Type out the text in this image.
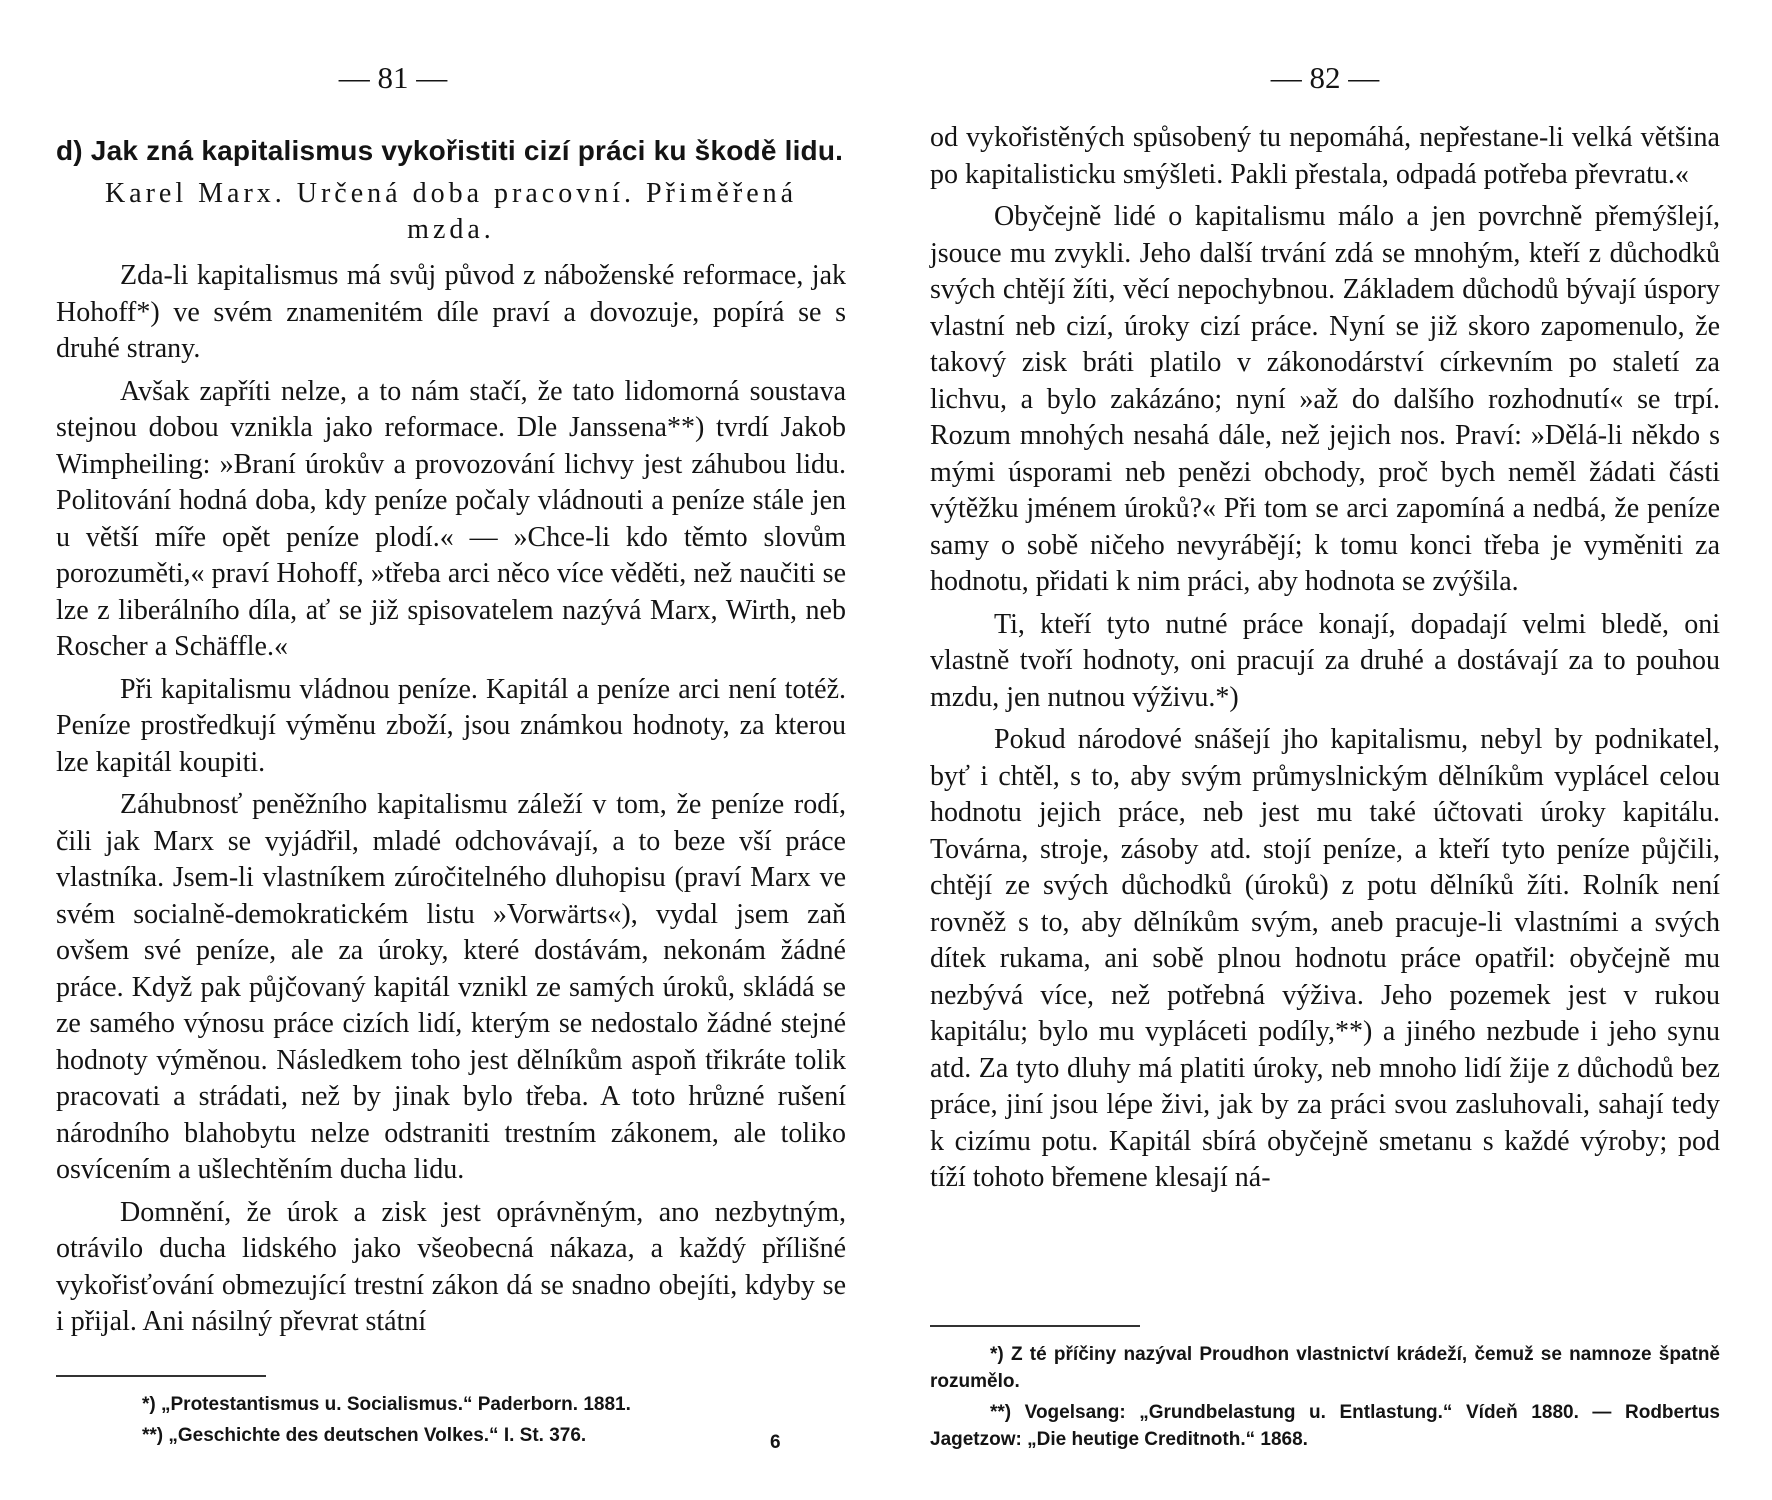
— 81 —
d) Jak zná kapitalismus vykořistiti cizí práci ku škodě lidu.
Karel Marx. Určená doba pracovní. Přiměřená mzda.

Zda-li kapitalismus má svůj původ z náboženské reformace, jak Hohoff*) ve svém znamenitém díle praví a dovozuje, popírá se s druhé strany.

Avšak zapříti nelze, a to nám stačí, že tato lidomorná soustava stejnou dobou vznikla jako reformace. Dle Janssena**) tvrdí Jakob Wimpheiling: »Braní úrokův a provozování lichvy jest záhubou lidu. Politování hodná doba, kdy peníze počaly vládnouti a peníze stále jen u větší míře opět peníze plodí.« — »Chce-li kdo těmto slovům porozuměti,« praví Hohoff, »třeba arci něco více věděti, než naučiti se lze z liberálního díla, ať se již spisovatelem nazývá Marx, Wirth, neb Roscher a Schäffle.«

Při kapitalismu vládnou peníze. Kapitál a peníze arci není totéž. Peníze prostředkují výměnu zboží, jsou známkou hodnoty, za kterou lze kapitál koupiti.

Záhubnosť peněžního kapitalismu záleží v tom, že peníze rodí, čili jak Marx se vyjádřil, mladé odchovávají, a to beze vší práce vlastníka. Jsem-li vlastníkem zúročitelného dluhopisu (praví Marx ve svém socialně-demokratickém listu »Vorwärts«), vydal jsem zaň ovšem své peníze, ale za úroky, které dostávám, nekonám žádné práce. Když pak půjčovaný kapitál vznikl ze samých úroků, skládá se ze samého výnosu práce cizích lidí, kterým se nedostalo žádné stejné hodnoty výměnou. Následkem toho jest dělníkům aspoň třikráte tolik pracovati a strádati, než by jinak bylo třeba. A toto hrůzné rušení národního blahobytu nelze odstraniti trestním zákonem, ale toliko osvícením a ušlechtěním ducha lidu.

Domnění, že úrok a zisk jest oprávněným, ano nezbytným, otrávilo ducha lidského jako všeobecná nákaza, a každý přílišné vykořisťování obmezující trestní zákon dá se snadno obejíti, kdyby se i přijal. Ani násilný převrat státní

*) „Protestantismus u. Socialismus.“ Paderborn. 1881.
**) „Geschichte des deutschen Volkes.“ I. St. 376.	6
— 82 —

od vykořistěných spůsobený tu nepomáhá, nepřestane-li velká většina po kapitalisticku smýšleti. Pakli přestala, odpadá potřeba převratu.«

Obyčejně lidé o kapitalismu málo a jen povrchně přemýšlejí, jsouce mu zvykli. Jeho další trvání zdá se mnohým, kteří z důchodků svých chtějí žíti, věcí nepochybnou. Základem důchodů bývají úspory vlastní neb cizí, úroky cizí práce. Nyní se již skoro zapomenulo, že takový zisk bráti platilo v zákonodárství církevním po staletí za lichvu, a bylo zakázáno; nyní »až do dalšího rozhodnutí« se trpí. Rozum mnohých nesahá dále, než jejich nos. Praví: »Dělá-li někdo s mými úsporami neb penězi obchody, proč bych neměl žádati části výtěžku jménem úroků?« Při tom se arci zapomíná a nedbá, že peníze samy o sobě ničeho nevyrábějí; k tomu konci třeba je vyměniti za hodnotu, přidati k nim práci, aby hodnota se zvýšila.

Ti, kteří tyto nutné práce konají, dopadají velmi bledě, oni vlastně tvoří hodnoty, oni pracují za druhé a dostávají za to pouhou mzdu, jen nutnou výživu.*)

Pokud národové snášejí jho kapitalismu, nebyl by podnikatel, byť i chtěl, s to, aby svým průmyslnickým dělníkům vyplácel celou hodnotu jejich práce, neb jest mu také účtovati úroky kapitálu. Továrna, stroje, zásoby atd. stojí peníze, a kteří tyto peníze půjčili, chtějí ze svých důchodků (úroků) z potu dělníků žíti. Rolník není rovněž s to, aby dělníkům svým, aneb pracuje-li vlastními a svých dítek rukama, ani sobě plnou hodnotu práce opatřil: obyčejně mu nezbývá více, než potřebná výživa. Jeho pozemek jest v rukou kapitálu; bylo mu vypláceti podíly,**) a jiného nezbude i jeho synu atd. Za tyto dluhy má platiti úroky, neb mnoho lidí žije z důchodů bez práce, jiní jsou lépe živi, jak by za práci svou zasluhovali, sahají tedy k cizímu potu. Kapitál sbírá obyčejně smetanu s každé výroby; pod tíží tohoto břemene klesají ná-

*) Z té příčiny nazýval Proudhon vlastnictví krádeží, čemuž se namnoze špatně rozumělo.
**) Vogelsang: „Grundbelastung u. Entlastung.“ Vídeň 1880. — Rodbertus Jagetzow: „Die heutige Creditnoth.“ 1868.
